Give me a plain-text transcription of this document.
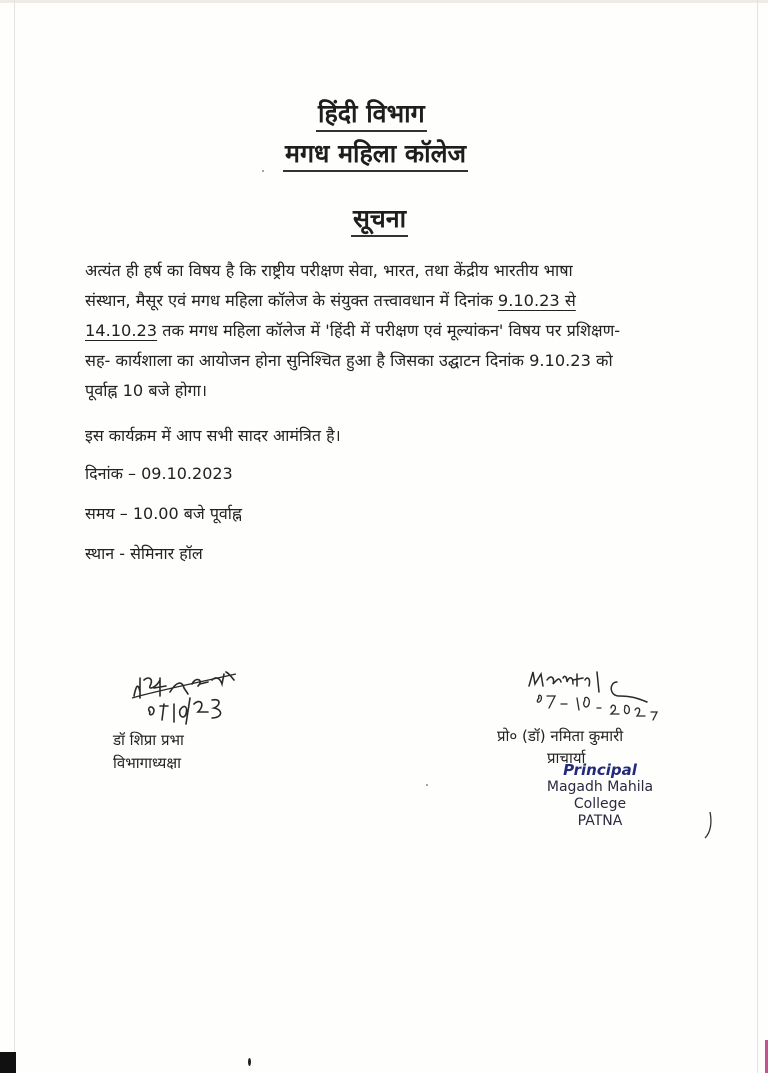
हिंदी विभाग
मगध महिला कॉलेज
सूचना
अत्यंत ही हर्ष का विषय है कि राष्ट्रीय परीक्षण सेवा, भारत, तथा केंद्रीय भारतीय भाषा
संस्थान, मैसूर एवं मगध महिला कॉलेज के संयुक्त तत्त्वावधान में दिनांक 9.10.23 से
14.10.23 तक मगध महिला कॉलेज में 'हिंदी में परीक्षण एवं मूल्यांकन' विषय पर प्रशिक्षण-
सह- कार्यशाला का आयोजन होना सुनिश्चित हुआ है जिसका उद्घाटन दिनांक 9.10.23 को
पूर्वाह्न 10 बजे होगा।
इस कार्यक्रम में आप सभी सादर आमंत्रित है।
दिनांक – 09.10.2023
समय – 10.00 बजे पूर्वाह्न
स्थान - सेमिनार हॉल
डॉ शिप्रा प्रभा
विभागाध्यक्षा
प्रो० (डॉ) नमिता कुमारी
प्राचार्या
Principal
Magadh Mahila College
PATNA
